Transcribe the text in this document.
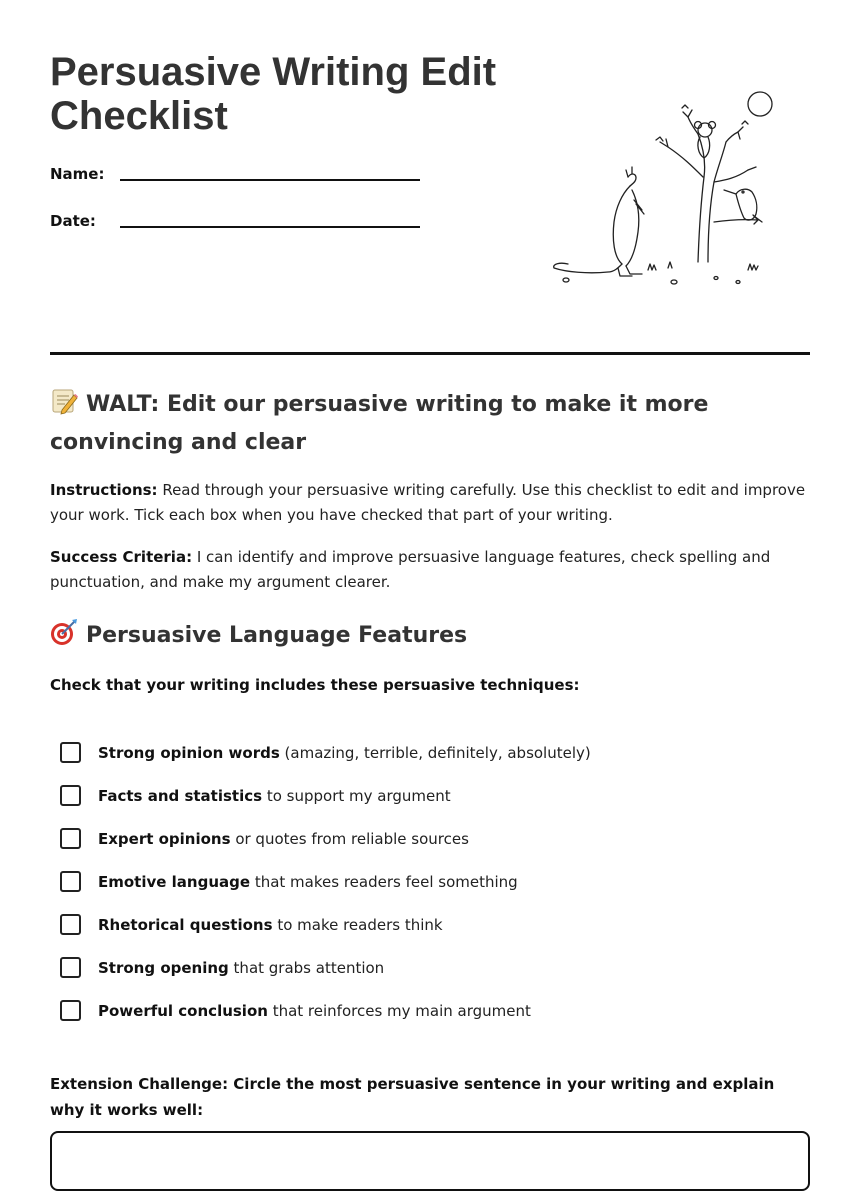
Persuasive Writing Edit Checklist
Name:
Date:
WALT: Edit our persuasive writing to make it more convincing and clear

Instructions: Read through your persuasive writing carefully. Use this checklist to edit and improve your work. Tick each box when you have checked that part of your writing.

Success Criteria: I can identify and improve persuasive language features, check spelling and punctuation, and make my argument clearer.

Persuasive Language Features

Check that your writing includes these persuasive techniques:

Strong opinion words (amazing, terrible, definitely, absolutely)
Facts and statistics to support my argument
Expert opinions or quotes from reliable sources
Emotive language that makes readers feel something
Rhetorical questions to make readers think
Strong opening that grabs attention
Powerful conclusion that reinforces my main argument

Extension Challenge: Circle the most persuasive sentence in your writing and explain why it works well:
